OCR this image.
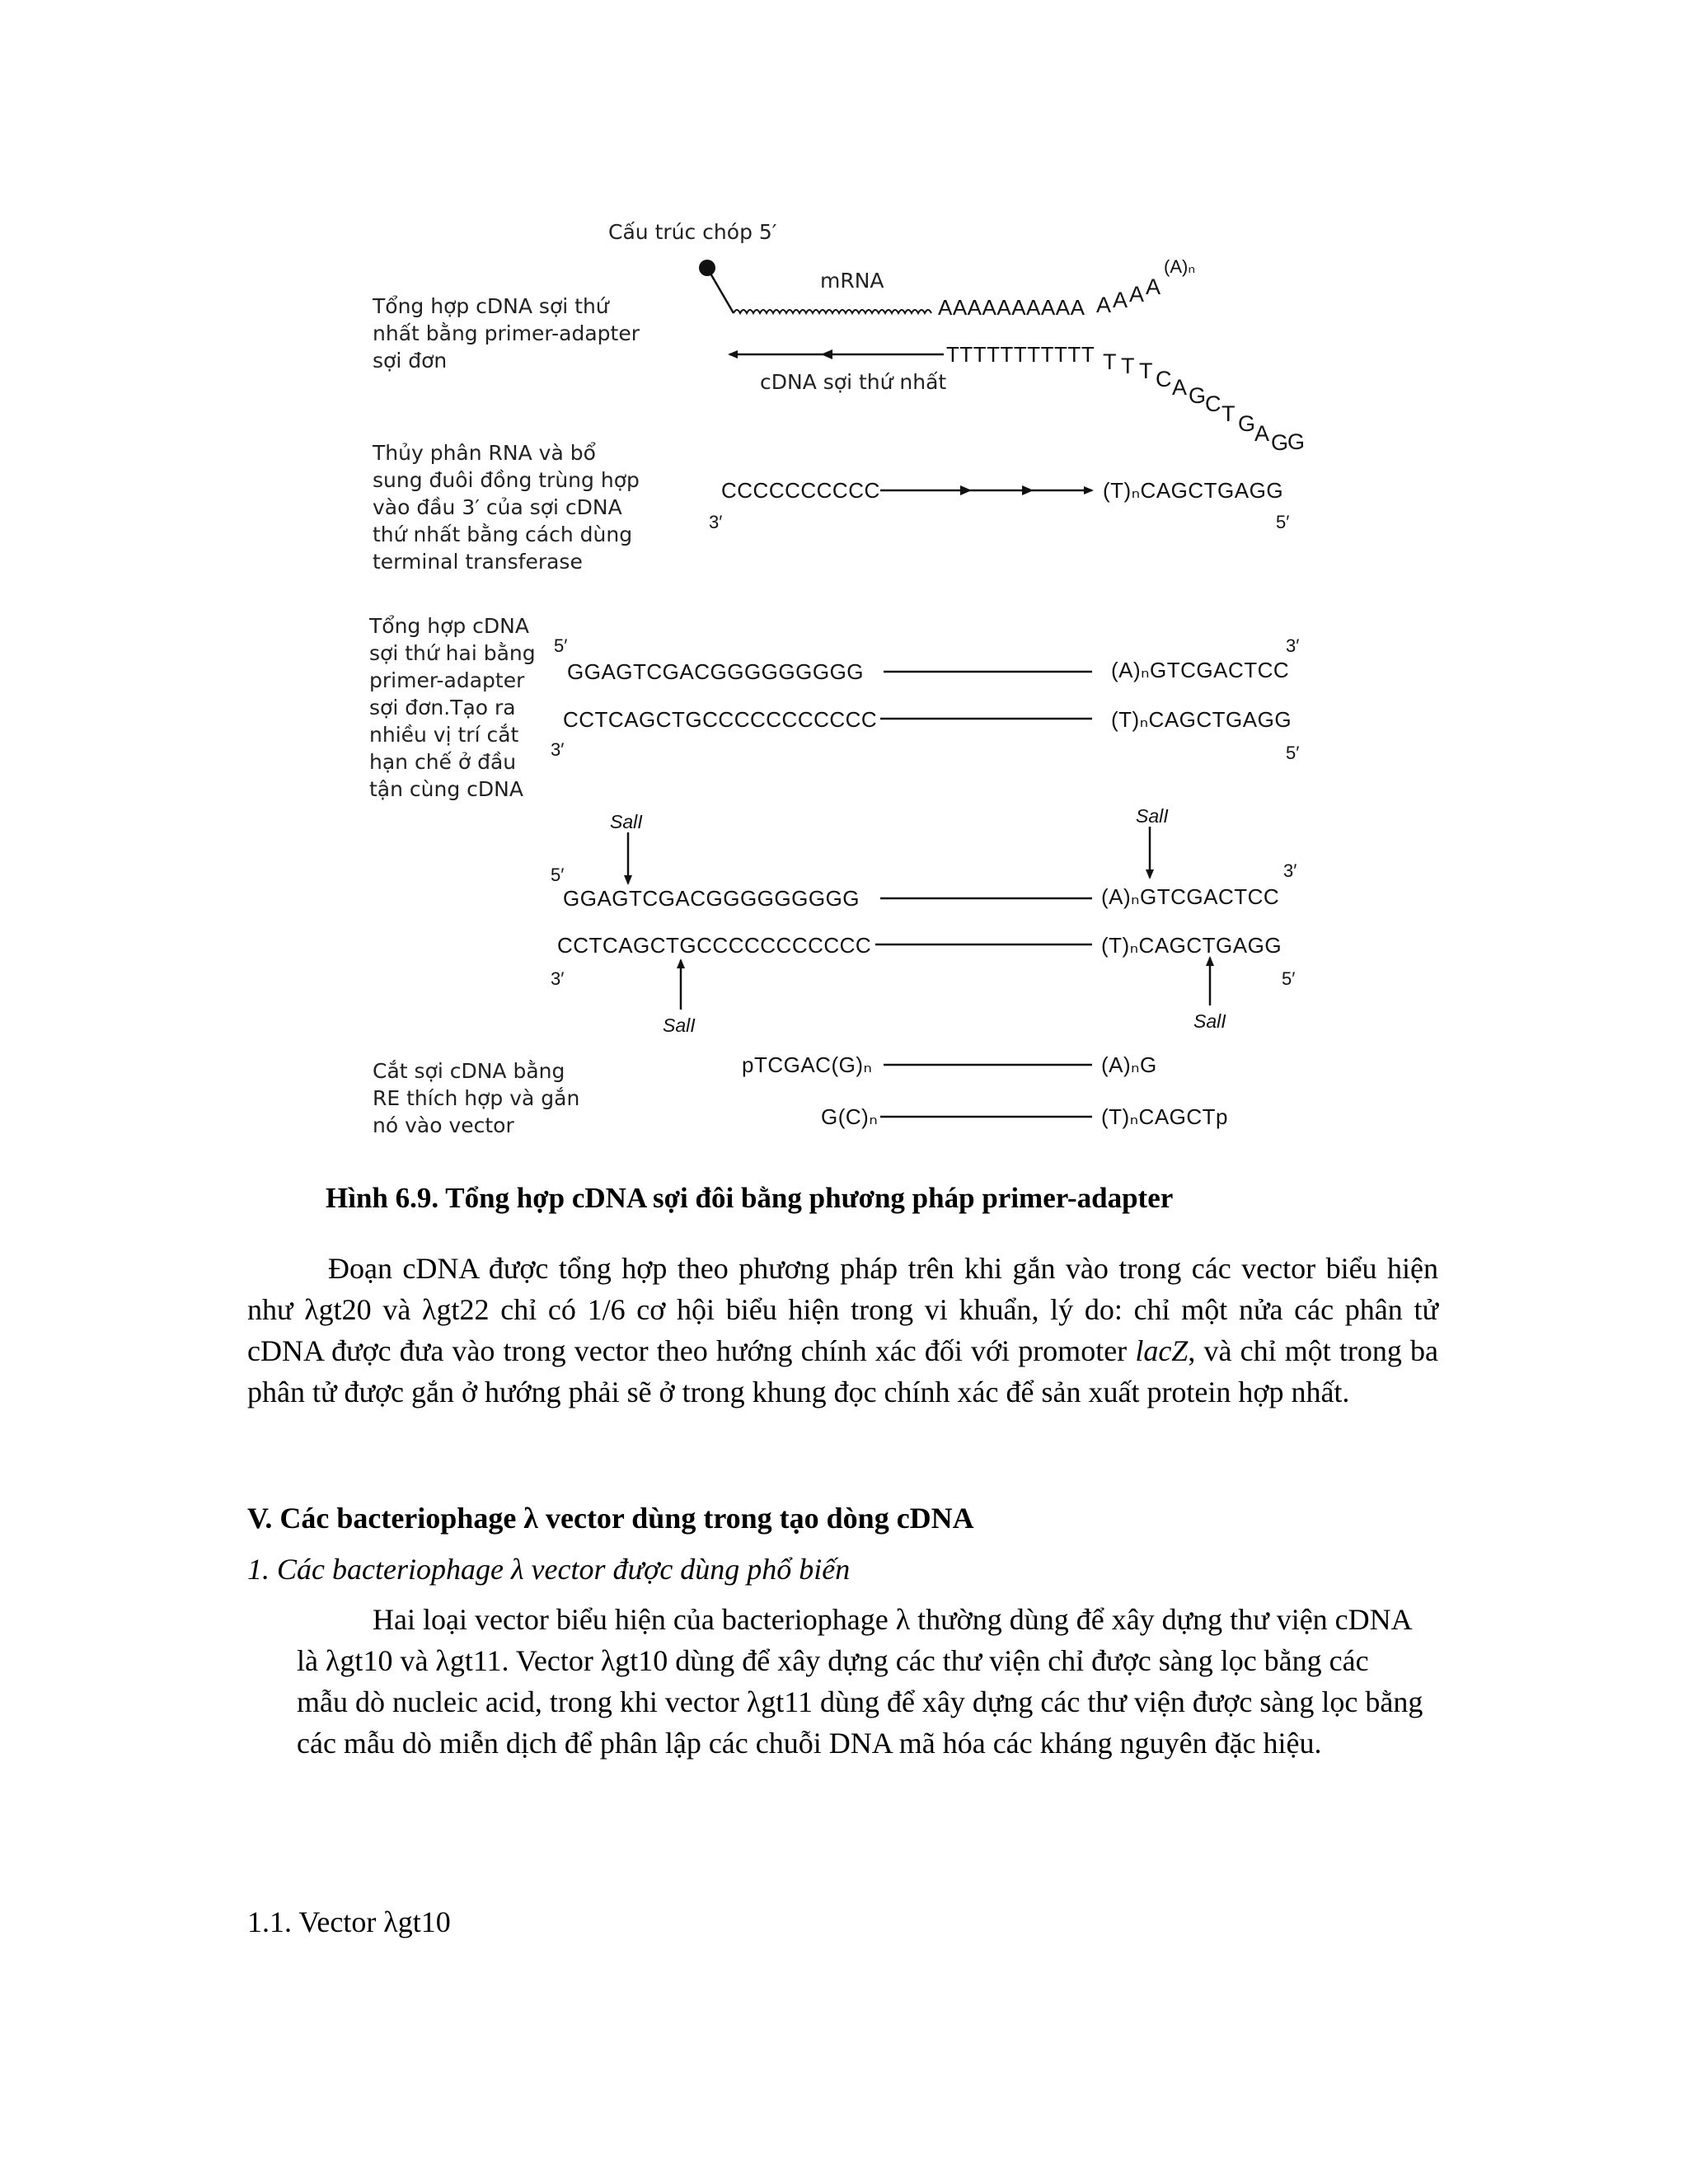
Cấu trúc chóp 5′
mRNA
AAAAAAAAAA A A A A
(A)ₙ
Tổng hợp cDNA sợi thứ
nhất bằng primer-adapter
sợi đơn	TTTTTTTTTTT T T T C A G
C T G
A G
G
cDNA sợi thứ nhất
Thủy phân RNA và bổ
sung đuôi đồng trùng hợp
vào đầu 3′ của sợi cDNA
thứ nhất bằng cách dùng
terminal transferase
CCCCCCCCCC	(T)ₙCAGCTGAGG
3′	5′
Tổng hợp cDNA
sợi thứ hai bằng
primer-adapter
sợi đơn.Tạo ra
nhiều vị trí cắt
hạn chế ở đầu
tận cùng cDNA
5′	3′
GGAGTCGACGGGGGGGGG	(A)ₙGTCGACTCC
CCTCAGCTGCCCCCCCCCCC	(T)ₙCAGCTGAGG
3′	5′
SalI	SalI
5′	3′
GGAGTCGACGGGGGGGGG	(A)ₙGTCGACTCC
CCTCAGCTGCCCCCCCCCCC	(T)ₙCAGCTGAGG
3′	5′
SalI	SalI
Cắt sợi cDNA bằng
RE thích hợp và gắn
nó vào vector
pTCGAC(G)ₙ	(A)ₙG
G(C)ₙ	(T)ₙCAGCTp
Hình 6.9. Tổng hợp cDNA sợi đôi bằng phương pháp primer-adapter

Đoạn cDNA được tổng hợp theo phương pháp trên khi gắn vào trong các vector biểu hiện như λgt20 và λgt22 chỉ có 1/6 cơ hội biểu hiện trong vi khuẩn, lý do: chỉ một nửa các phân tử cDNA được đưa vào trong vector theo hướng chính xác đối với promoter lacZ, và chỉ một trong ba phân tử được gắn ở hướng phải sẽ ở trong khung đọc chính xác để sản xuất protein hợp nhất.

V. Các bacteriophage λ vector dùng trong tạo dòng cDNA
1. Các bacteriophage λ vector được dùng phổ biến

Hai loại vector biểu hiện của bacteriophage λ thường dùng để xây dựng thư viện cDNA là λgt10 và λgt11. Vector λgt10 dùng để xây dựng các thư viện chỉ được sàng lọc bằng các mẫu dò nucleic acid, trong khi vector λgt11 dùng để xây dựng các thư viện được sàng lọc bằng các mẫu dò miễn dịch để phân lập các chuỗi DNA mã hóa các kháng nguyên đặc hiệu.

1.1. Vector λgt10
